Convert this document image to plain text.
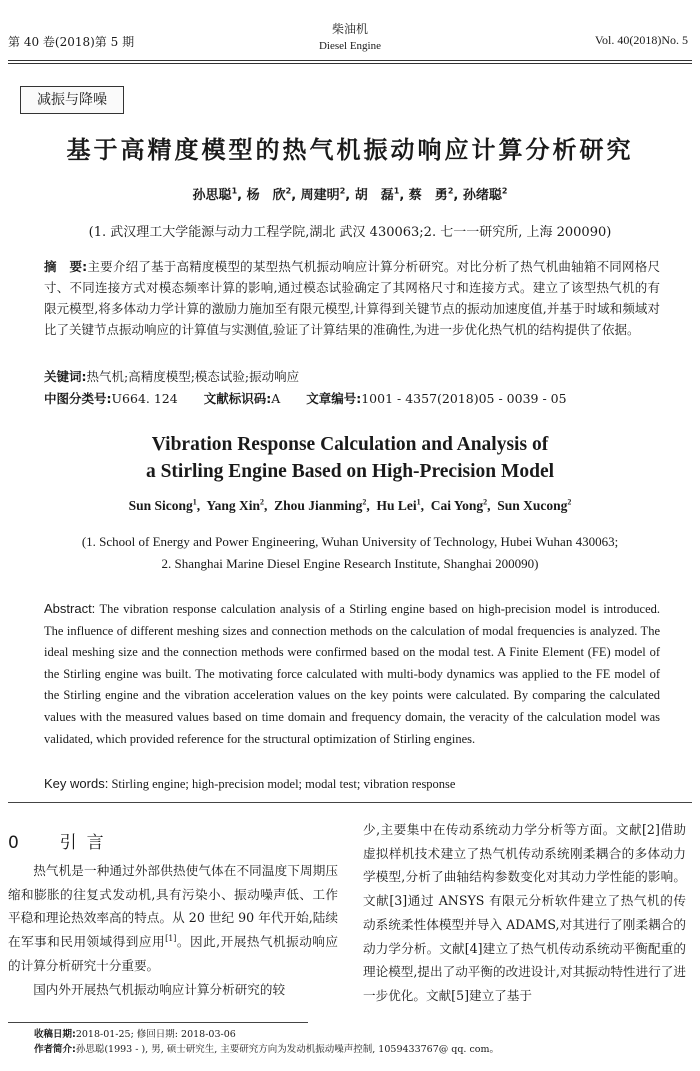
第 40 卷(2018)第 5 期
柴油机
Diesel Engine	Vol. 40(2018)No. 5
减振与降噪
基于高精度模型的热气机振动响应计算分析研究
孙思聪$^1$, 杨　欣$^2$, 周建明$^2$, 胡　磊$^1$, 蔡　勇$^2$, 孙绪聪$^2$
(1. 武汉理工大学能源与动力工程学院,湖北 武汉 430063;2. 七一一研究所, 上海 200090)
摘　要:主要介绍了基于高精度模型的某型热气机振动响应计算分析研究。对比分析了热气机曲轴箱不同网格尺寸、不同连接方式对模态频率计算的影响,通过模态试验确定了其网格尺寸和连接方式。建立了该型热气机的有限元模型,将多体动力学计算的激励力施加至有限元模型,计算得到关键节点的振动加速度值,并基于时域和频域对比了关键节点振动响应的计算值与实测值,验证了计算结果的准确性,为进一步优化热气机的结构提供了依据。
关键词:热气机;高精度模型;模态试验;振动响应
中图分类号:U664. 124 文献标识码:A 文章编号:1001 - 4357(2018)05 - 0039 - 05
Vibration Response Calculation and Analysis of
a Stirling Engine Based on High-Precision Model
Sun Sicong$^1$,  Yang Xin$^2$,  Zhou Jianming$^2$,  Hu Lei$^1$,  Cai Yong$^2$,  Sun Xucong$^2$
(1. School of Energy and Power Engineering, Wuhan University of Technology, Hubei Wuhan 430063;
2. Shanghai Marine Diesel Engine Research Institute, Shanghai 200090)
Abstract: The vibration response calculation analysis of a Stirling engine based on high-precision model is introduced. The influence of different meshing sizes and connection methods on the calculation of modal frequencies is analyzed. The ideal meshing size and the connection methods were confirmed based on the modal test. A Finite Element (FE) model of the Stirling engine was built. The motivating force calculated with multi-body dynamics was applied to the FE model of the Stirling engine and the vibration acceleration values on the key points were calculated. By comparing the calculated values with the measured values based on time domain and frequency domain, the veracity of the calculation model was validated, which provided reference for the structural optimization of Stirling engines.
Key words: Stirling engine; high-precision model; modal test; vibration response
0 引言

热气机是一种通过外部供热使气体在不同温度下周期压缩和膨胀的往复式发动机,具有污染小、振动噪声低、工作平稳和理论热效率高的特点。从 20 世纪 90 年代开始,陆续在军事和民用领域得到应用[1]。因此,开展热气机振动响应的计算分析研究十分重要。

国内外开展热气机振动响应计算分析研究的较

少,主要集中在传动系统动力学分析等方面。文献[2]借助虚拟样机技术建立了热气机传动系统刚柔耦合的多体动力学模型,分析了曲轴结构参数变化对其动力学性能的影响。文献[3]通过 ANSYS 有限元分析软件建立了热气机的传动系统柔性体模型并导入 ADAMS,对其进行了刚柔耦合的动力学分析。文献[4]建立了热气机传动系统动平衡配重的理论模型,提出了动平衡的改进设计,对其振动特性进行了进一步优化。文献[5]建立了基于

收稿日期:2018-01-25; 修回日期: 2018-03-06
作者简介:孙思聪(1993 - ), 男, 硕士研究生, 主要研究方向为发动机振动噪声控制, 1059433767@ qq. com。
